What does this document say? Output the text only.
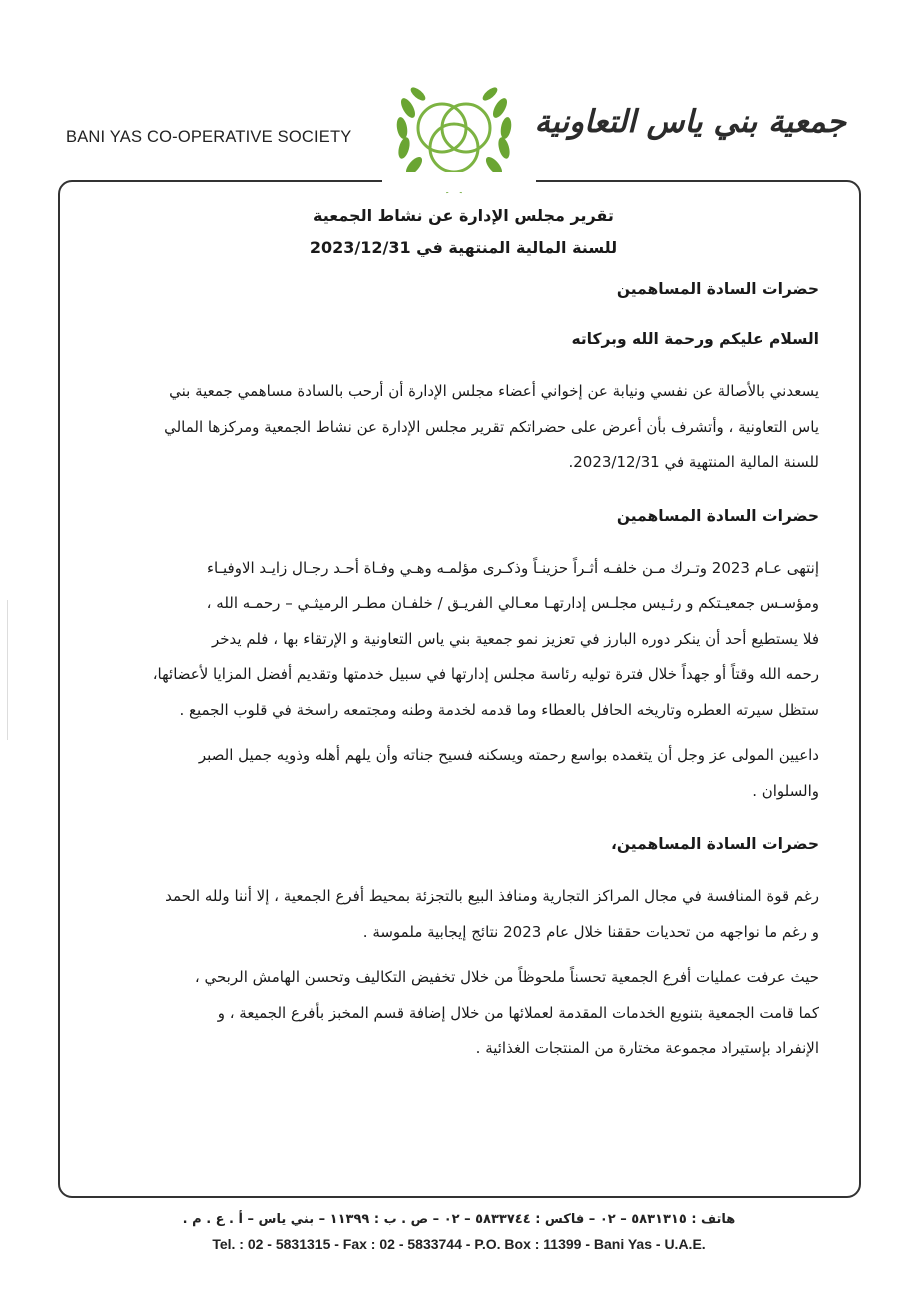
BANI YAS CO-OPERATIVE SOCIETY	جمعية بني ياس التعاونية
تقرير مجلس الإدارة عن نشاط الجمعية
للسنة المالية المنتهية في 2023/12/31
حضرات السادة المساهمين
السلام عليكم ورحمة الله وبركاته
يسعدني بالأصالة عن نفسي ونيابة عن إخواني أعضاء مجلس الإدارة أن أرحب بالسادة مساهمي جمعية بني
ياس التعاونية ، وأتشرف بأن أعرض على حضراتكم تقرير مجلس الإدارة عن نشاط الجمعية ومركزها المالي
للسنة المالية المنتهية في 2023/12/31.
حضرات السادة المساهمين
إنتهى عـام 2023 وتـرك مـن خلفـه أثـراً حزينـاً وذكـرى مؤلمـه وهـي وفـاة أحـد رجـال زايـد الاوفيـاء
ومؤسـس جمعيـتكم و رئـيس مجلـس إدارتهـا معـالي الفريـق / خلفـان مطـر الرميثـي – رحمـه الله ،
فلا يستطيع أحد أن ينكر دوره البارز في تعزيز نمو جمعية بني ياس التعاونية و الإرتقاء بها ، فلم يدخر
رحمه الله وقتاً أو جهداً خلال فترة توليه رئاسة مجلس إدارتها في سبيل خدمتها وتقديم أفضل المزايا لأعضائها،
ستظل سيرته العطره وتاريخه الحافل بالعطاء وما قدمه لخدمة وطنه ومجتمعه راسخة في قلوب الجميع .
داعيين المولى عز وجل أن يتغمده بواسع رحمته ويسكنه فسيح جناته وأن يلهم أهله وذويه جميل الصبر
والسلوان .
حضرات السادة المساهمين،
رغم قوة المنافسة في مجال المراكز التجارية ومنافذ البيع بالتجزئة بمحيط أفرع الجمعية ، إلا أننا ولله الحمد
و رغم ما نواجهه من تحديات حققنا خلال عام 2023 نتائج إيجابية ملموسة .
حيث عرفت عمليات أفرع الجمعية تحسناً ملحوظاً من خلال تخفيض التكاليف وتحسن الهامش الربحي ،
كما قامت الجمعية بتنويع الخدمات المقدمة لعملائها من خلال إضافة قسم المخبز بأفرع الجميعة ، و
الإنفراد بإستيراد مجموعة مختارة من المنتجات الغذائية .
هاتف : ٥٨٣١٣١٥ – ٠٢ – فاكس : ٥٨٣٣٧٤٤ – ٠٢ – ص . ب : ١١٣٩٩ – بني ياس – أ . ع . م .
Tel. : 02 - 5831315 - Fax : 02 - 5833744 - P.O. Box : 11399 - Bani Yas - U.A.E.
